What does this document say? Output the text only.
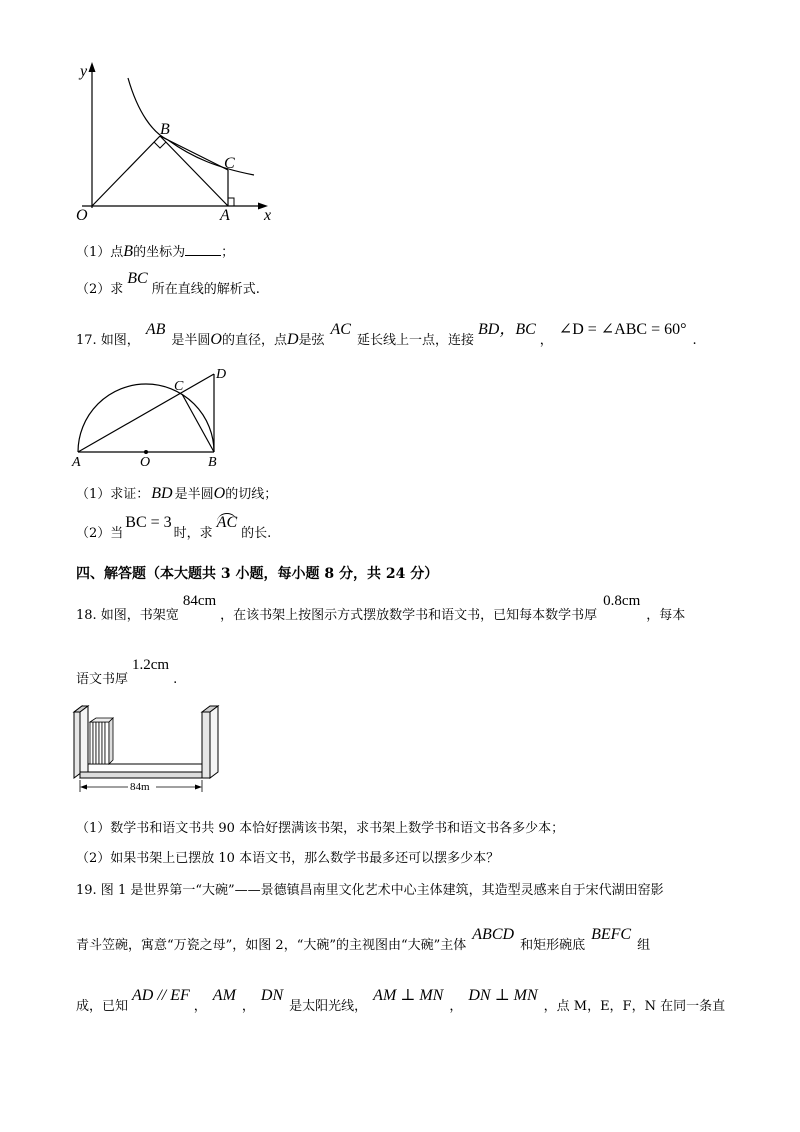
y
x
O	A
B
C
（1）点B的坐标为	；
（2）求BC所在直线的解析式.
17. 如图，AB是半圆O的直径，点D是弦AC延长线上一点，连接BD，BC，∠D = ∠ABC = 60°.
A	O	B
C
D
（1）求证： BD 是半圆O的切线；
（2）当BC = 3时，求AC的长.
四、解答题（本大题共 3 小题，每小题 8 分，共 24 分）
18. 如图，书架宽84cm，在该书架上按图示方式摆放数学书和语文书，已知每本数学书厚0.8cm，每本
语文书厚1.2cm.
84m
（1）数学书和语文书共 90 本恰好摆满该书架，求书架上数学书和语文书各多少本；
（2）如果书架上已摆放 10 本语文书，那么数学书最多还可以摆多少本？
19. 图 1 是世界第一“大碗”——景德镇昌南里文化艺术中心主体建筑，其造型灵感来自于宋代湖田窑影
青斗笠碗，寓意“万瓷之母”，如图 2，“大碗”的主视图由“大碗”主体ABCD和矩形碗底BEFC组
成，已知AD // EF，AM，DN是太阳光线，AM ⊥ MN，DN ⊥ MN，点 M，E，F，N 在同一条直
